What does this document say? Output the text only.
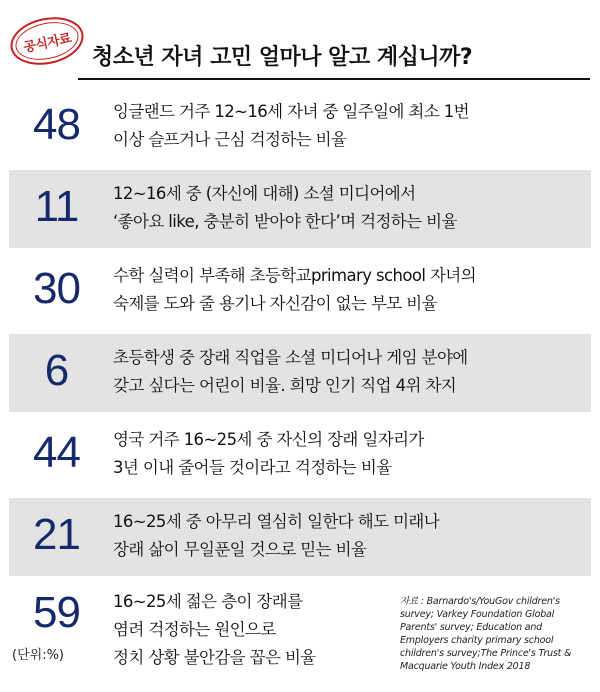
공식자료
청소년 자녀 고민 얼마나 알고 계십니까?
48	잉글랜드 거주 12∼16세 자녀 중 일주일에 최소 1번
이상 슬프거나 근심 걱정하는 비율
11	12∼16세 중 (자신에 대해) 소셜 미디어에서
‘좋아요 like, 충분히 받아야 한다’며 걱정하는 비율
30	수학 실력이 부족해 초등학교primary school 자녀의
숙제를 도와 줄 용기나 자신감이 없는 부모 비율
6	초등학생 중 장래 직업을 소셜 미디어나 게임 분야에
갖고 싶다는 어린이 비율. 희망 인기 직업 4위 차지
44	영국 거주 16∼25세 중 자신의 장래 일자리가
3년 이내 줄어들 것이라고 걱정하는 비율
21	16∼25세 중 아무리 열심히 일한다 해도 미래나
장래 삶이 무일푼일 것으로 믿는 비율
59	16∼25세 젊은 층이 장래를
염려 걱정하는 원인으로
정치 상황 불안감을 꼽은 비율
(단위:%)
자료 : Barnardo's/YouGov children's survey; Varkey Foundation Global Parents' survey; Education and Employers charity primary school children's survey;The Prince's Trust & Macquarie Youth Index 2018
